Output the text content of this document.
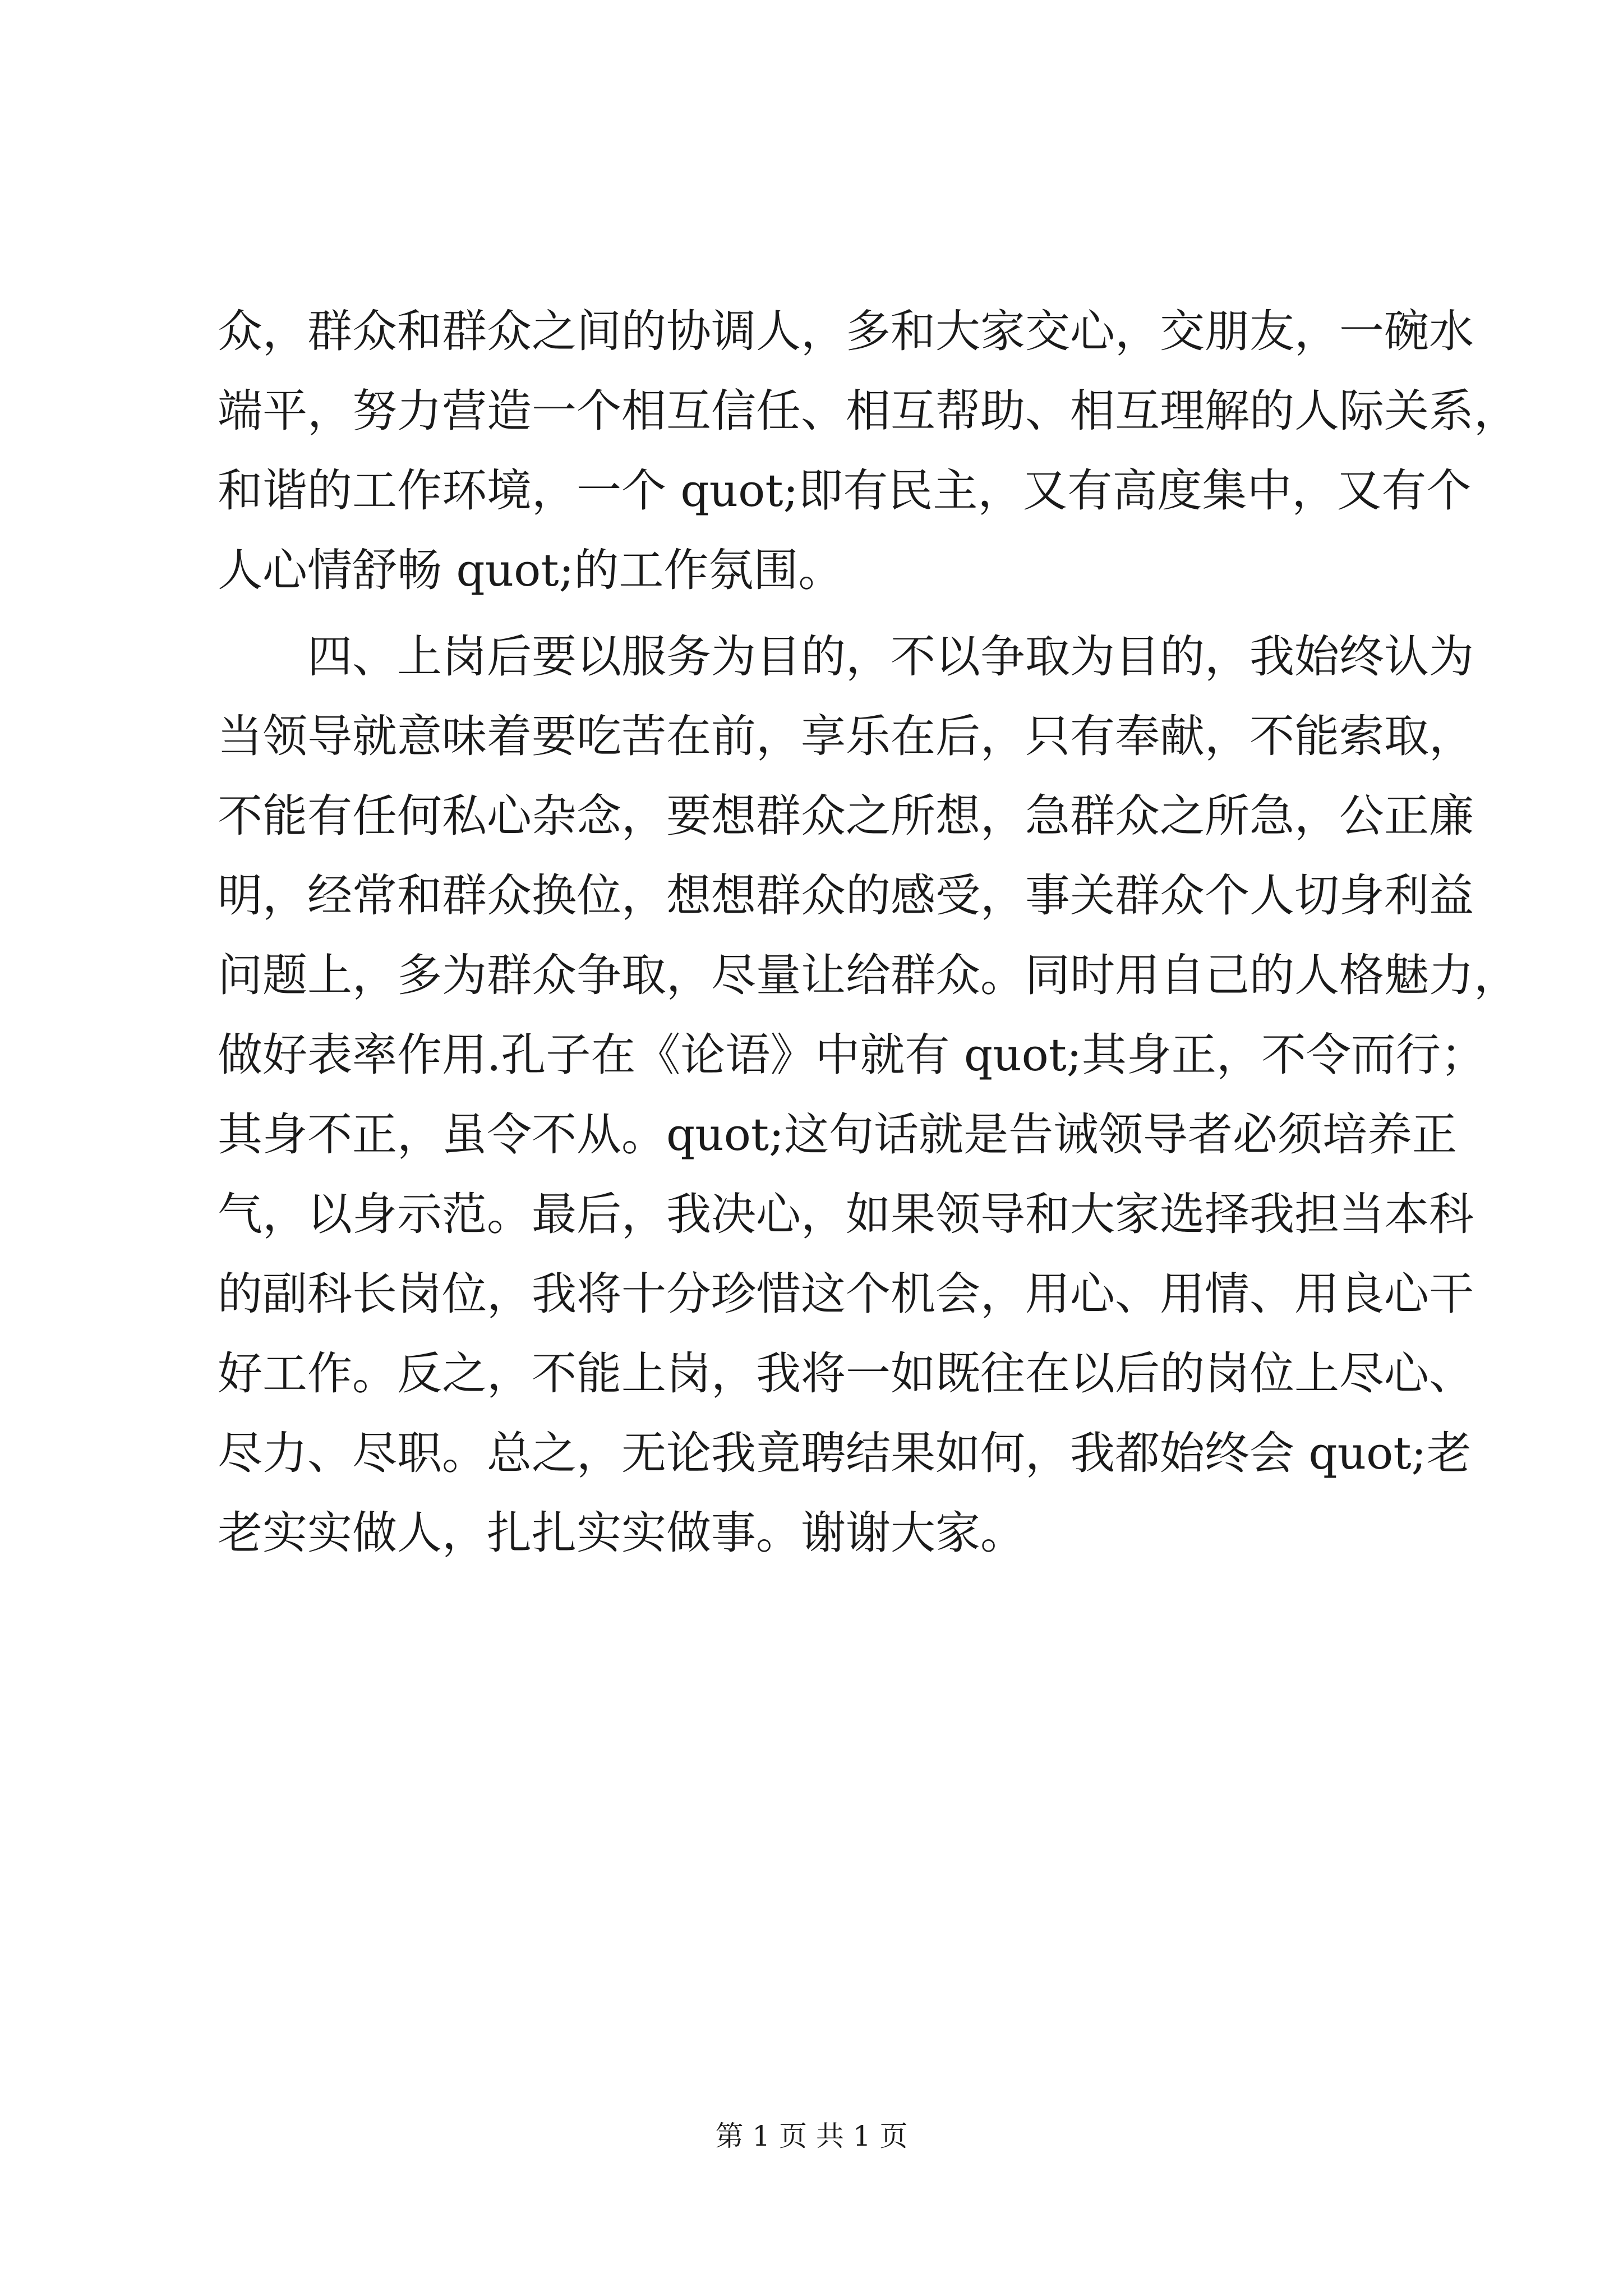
众，群众和群众之间的协调人，多和大家交心，交朋友，一碗水
端平，努力营造一个相互信任、相互帮助、相互理解的人际关系，
和谐的工作环境，一个 quot;即有民主，又有高度集中，又有个
人心情舒畅 quot;的工作氛围。
　　四、上岗后要以服务为目的，不以争取为目的，我始终认为
当领导就意味着要吃苦在前，享乐在后，只有奉献，不能索取，
不能有任何私心杂念，要想群众之所想，急群众之所急，公正廉
明，经常和群众换位，想想群众的感受，事关群众个人切身利益
问题上，多为群众争取，尽量让给群众。同时用自己的人格魅力，
做好表率作用.孔子在《论语》中就有 quot;其身正，不令而行；
其身不正，虽令不从。quot;这句话就是告诫领导者必须培养正
气，以身示范。最后，我决心，如果领导和大家选择我担当本科
的副科长岗位，我将十分珍惜这个机会，用心、用情、用良心干
好工作。反之，不能上岗，我将一如既往在以后的岗位上尽心、
尽力、尽职。总之，无论我竟聘结果如何，我都始终会 quot;老
老实实做人，扎扎实实做事。谢谢大家。
第 1 页 共 1 页
